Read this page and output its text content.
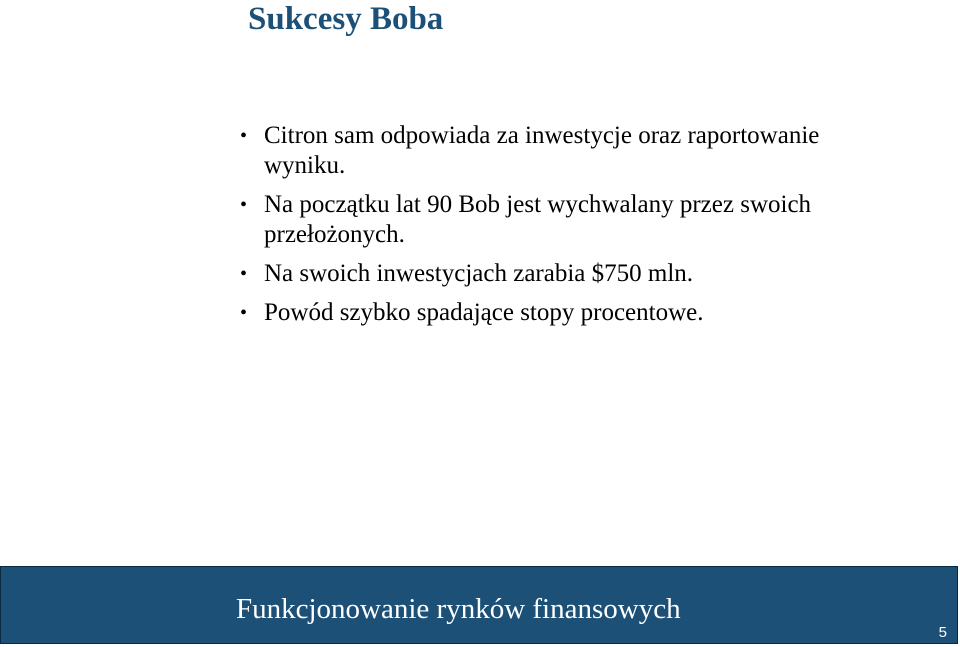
Sukcesy Boba
• Citron sam odpowiada za inwestycje oraz raportowanie wyniku.
• Na początku lat 90 Bob jest wychwalany przez swoich przełożonych.
• Na swoich inwestycjach zarabia $750 mln.
• Powód szybko spadające stopy procentowe.

Funkcjonowanie rynków finansowych

5
